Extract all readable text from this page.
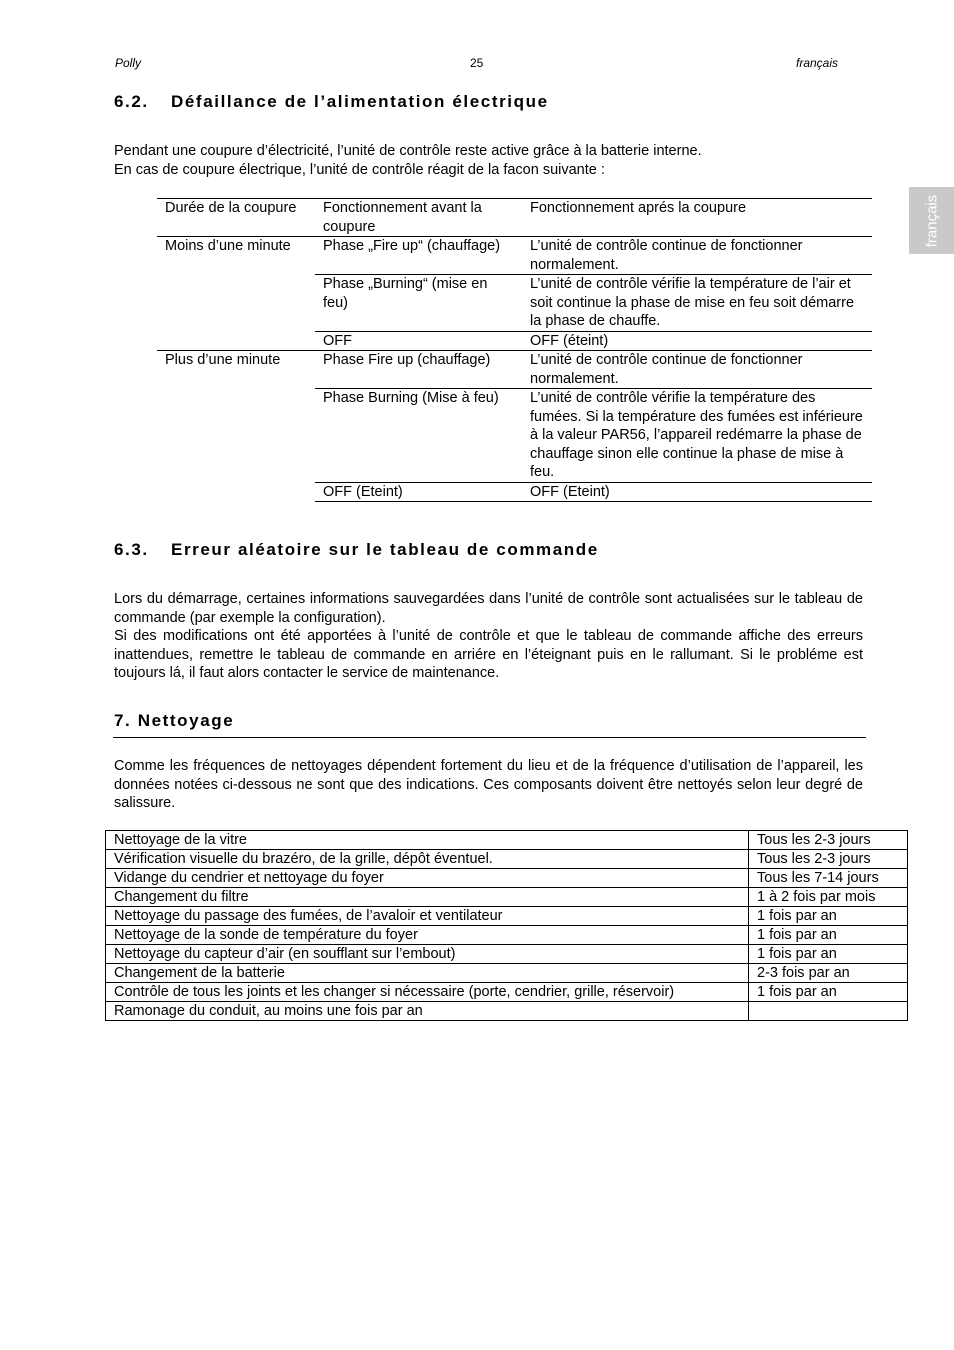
Polly	25	français
français
6.2. Défaillance de l’alimentation électrique

Pendant une coupure d’électricité, l’unité de contrôle reste active grâce à la batterie interne.

En cas de coupure électrique, l’unité de contrôle réagit de la facon suivante :

Durée de la coupure	Fonctionnement avant la coupure	Fonctionnement aprés la coupure
Moins d’une minute	Phase „Fire up“ (chauffage)	L’unité de contrôle continue de fonctionner normalement.
	Phase „Burning“ (mise en feu)	L’unité de contrôle vérifie la température de l’air et soit continue la phase de mise en feu soit démarre la phase de chauffe.
	OFF	OFF (éteint)
Plus d’une minute	Phase Fire up (chauffage)	L’unité de contrôle continue de fonctionner normalement.
	Phase Burning (Mise à feu)	L’unité de contrôle vérifie la température des fumées. Si la température des fumées est inférieure à la valeur PAR56, l’appareil redémarre la phase de chauffage sinon elle continue la phase de mise à feu.
	OFF (Eteint)	OFF (Eteint)
6.3. Erreur aléatoire sur le tableau de commande

Lors du démarrage, certaines informations sauvegardées dans l’unité de contrôle sont actualisées sur le tableau de commande (par exemple la configuration).

Si des modifications ont été apportées à l’unité de contrôle et que le tableau de commande affiche des erreurs inattendues, remettre le tableau de commande en arriére en l’éteignant puis en le rallumant. Si le probléme est toujours lá, il faut alors contacter le service de maintenance.

7. Nettoyage

Comme les fréquences de nettoyages dépendent fortement du lieu et de la fréquence d’utilisation de l’appareil, les données notées ci-dessous ne sont que des indications. Ces composants doivent être nettoyés selon leur degré de salissure.

Nettoyage de la vitre	Tous les 2-3 jours
Vérification visuelle du brazéro, de la grille, dépôt éventuel.	Tous les 2-3 jours
Vidange du cendrier et nettoyage du foyer	Tous les 7-14 jours
Changement du filtre	1 à 2 fois par mois
Nettoyage du passage des fumées, de l’avaloir et ventilateur	1 fois par an
Nettoyage de la sonde de température du foyer	1 fois par an
Nettoyage du capteur d’air (en soufflant sur l’embout)	1 fois par an
Changement de la batterie	2-3 fois par an
Contrôle de tous les joints et les changer si nécessaire (porte, cendrier, grille, réservoir)	1 fois par an
Ramonage du conduit, au moins une fois par an	
